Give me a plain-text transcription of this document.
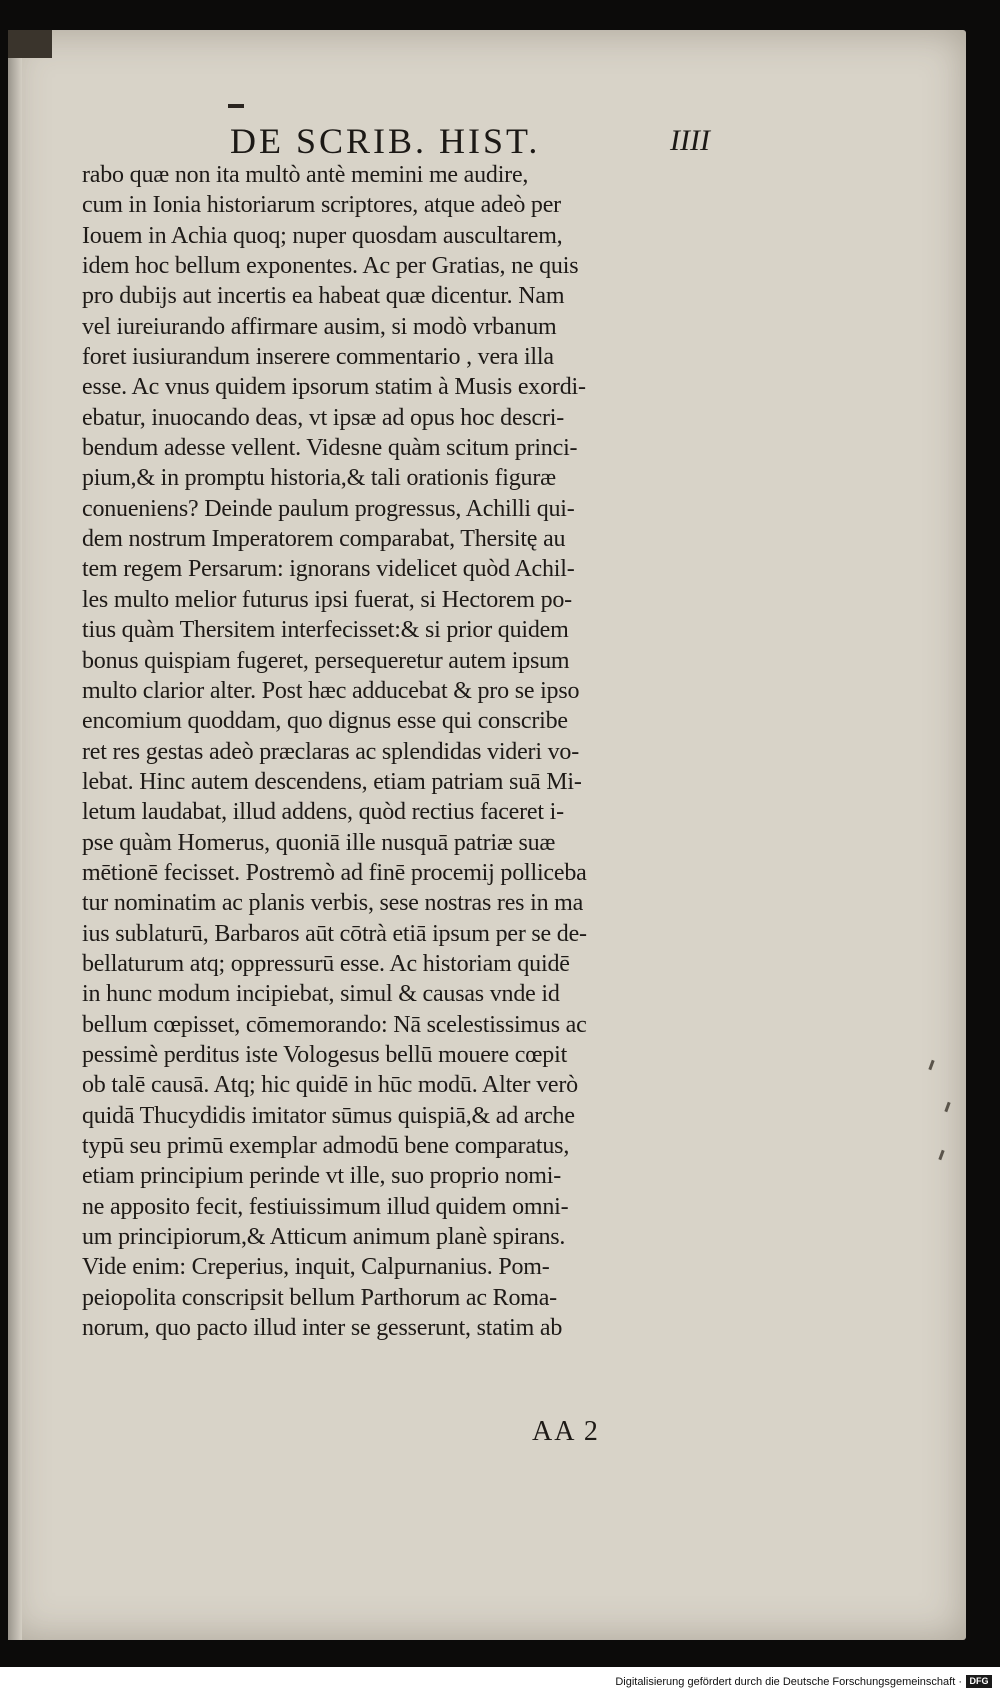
DE SCRIB. HIST.	IIII
rabo quæ non ita multò antè memini me audire,
cum in Ionia historiarum scriptores, atque adeò per
Iouem in Achia quoq; nuper quosdam auscultarem,
idem hoc bellum exponentes. Ac per Gratias, ne quis
pro dubijs aut incertis ea habeat quæ dicentur. Nam
vel iureiurando affirmare ausim, si modò vrbanum
foret iusiurandum inserere commentario , vera illa
esse. Ac vnus quidem ipsorum statim à Musis exordi-
ebatur, inuocando deas, vt ipsæ ad opus hoc descri-
bendum adesse vellent. Videsne quàm scitum princi-
pium,& in promptu historia,& tali orationis figuræ
conueniens? Deinde paulum progressus, Achilli qui-
dem nostrum Imperatorem comparabat, Thersitę au
tem regem Persarum: ignorans videlicet quòd Achil-
les multo melior futurus ipsi fuerat, si Hectorem po-
tius quàm Thersitem interfecisset:& si prior quidem
bonus quispiam fugeret, persequeretur autem ipsum
multo clarior alter. Post hæc adducebat & pro se ipso
encomium quoddam, quo dignus esse qui conscribe
ret res gestas adeò præclaras ac splendidas videri vo-
lebat. Hinc autem descendens, etiam patriam suā Mi-
letum laudabat, illud addens, quòd rectius faceret i-
pse quàm Homerus, quoniā ille nusquā patriæ suæ
mētionē fecisset. Postremò ad finē procemij polliceba
tur nominatim ac planis verbis, sese nostras res in ma
ius sublaturū, Barbaros aūt cōtrà etiā ipsum per se de-
bellaturum atq; oppressurū esse. Ac historiam quidē
in hunc modum incipiebat, simul & causas vnde id
bellum cœpisset, cōmemorando: Nā scelestissimus ac
pessimè perditus iste Vologesus bellū mouere cœpit
ob talē causā. Atq; hic quidē in hūc modū. Alter verò
quidā Thucydidis imitator sūmus quispiā,& ad arche
typū seu primū exemplar admodū bene comparatus,
etiam principium perinde vt ille, suo proprio nomi-
ne apposito fecit, festiuissimum illud quidem omni-
um principiorum,& Atticum animum planè spirans.
Vide enim: Creperius, inquit, Calpurnanius. Pom-
peiopolita conscripsit bellum Parthorum ac Roma-
norum, quo pacto illud inter se gesserunt, statim ab
AA 2
Digitalisierung gefördert durch die Deutsche Forschungsgemeinschaft · DFG
